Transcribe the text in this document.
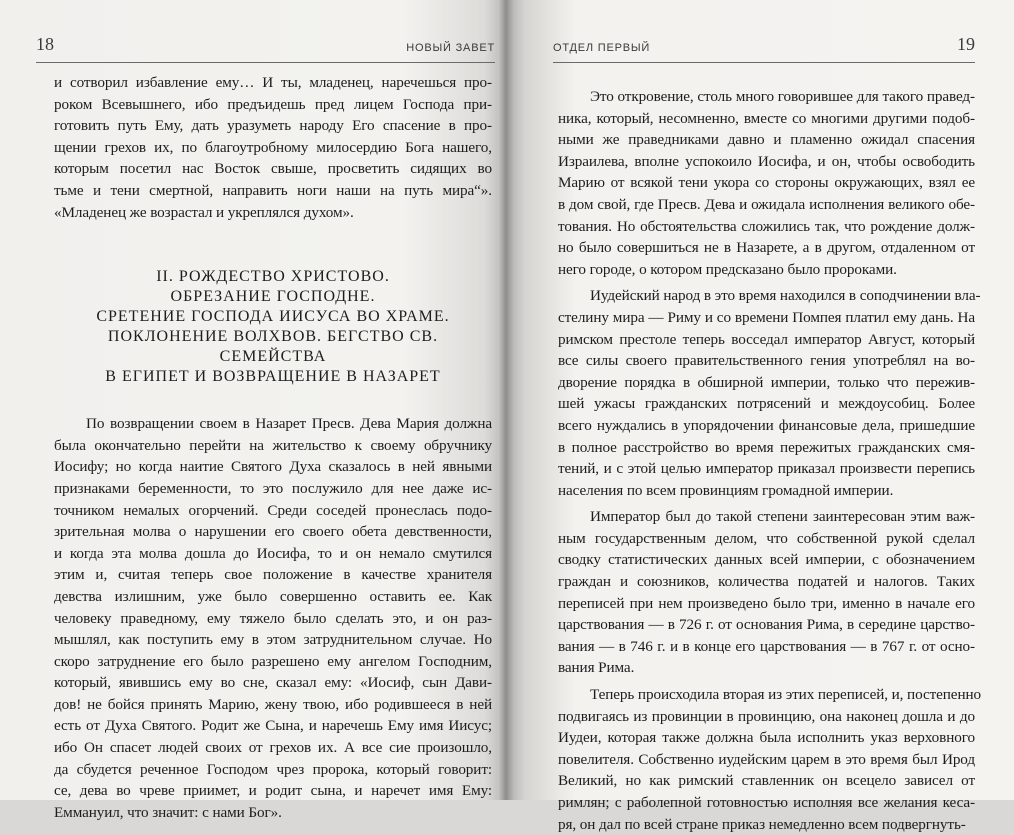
18	НОВЫЙ ЗАВЕТ

и сотворил избавление ему… И ты, младенец, наречешься про-
роком Всевышнего, ибо предъидешь пред лицем Господа при-
готовить путь Ему, дать уразуметь народу Его спасение в про-
щении грехов их, по благоутробному милосердию Бога нашего,
которым посетил нас Восток свыше, просветить сидящих во
тьме и тени смертной, направить ноги наши на путь мира“».
«Младенец же возрастал и укреплялся духом».

II. РОЖДЕСТВО ХРИСТОВО.
ОБРЕЗАНИЕ ГОСПОДНЕ.
СРЕТЕНИЕ ГОСПОДА ИИСУСА ВО ХРАМЕ.
ПОКЛОНЕНИЕ ВОЛХВОВ. БЕГСТВО СВ. СЕМЕЙСТВА
В ЕГИПЕТ И ВОЗВРАЩЕНИЕ В НАЗАРЕТ

По возвращении своем в Назарет Пресв. Дева Мария должна
была окончательно перейти на жительство к своему обручнику
Иосифу; но когда наитие Святого Духа сказалось в ней явными
признаками беременности, то это послужило для нее даже ис-
точником немалых огорчений. Среди соседей пронеслась подо-
зрительная молва о нарушении его своего обета девственности,
и когда эта молва дошла до Иосифа, то и он немало смутился
этим и, считая теперь свое положение в качестве хранителя
девства излишним, уже было совершенно оставить ее. Как
человеку праведному, ему тяжело было сделать это, и он раз-
мышлял, как поступить ему в этом затруднительном случае. Но
скоро затруднение его было разрешено ему ангелом Господним,
который, явившись ему во сне, сказал ему: «Иосиф, сын Дави-
дов! не бойся принять Марию, жену твою, ибо родившееся в ней
есть от Духа Святого. Родит же Сына, и наречешь Ему имя Иисус;
ибо Он спасет людей своих от грехов их. А все сие произошло,
да сбудется реченное Господом чрез пророка, который говорит:
се, дева во чреве приимет, и родит сына, и наречет имя Ему:
Еммануил, что значит: с нами Бог».

ОТДЕЛ ПЕРВЫЙ	19

Это откровение, столь много говорившее для такого правед-
ника, который, несомненно, вместе со многими другими подоб-
ными же праведниками давно и пламенно ожидал спасения
Израилева, вполне успокоило Иосифа, и он, чтобы освободить
Марию от всякой тени укора со стороны окружающих, взял ее
в дом свой, где Пресв. Дева и ожидала исполнения великого обе-
тования. Но обстоятельства сложились так, что рождение долж-
но было совершиться не в Назарете, а в другом, отдаленном от
него городе, о котором предсказано было пророками.

Иудейский народ в это время находился в соподчинении вла-
стелину мира — Риму и со времени Помпея платил ему дань. На
римском престоле теперь восседал император Август, который
все силы своего правительственного гения употреблял на во-
дворение порядка в обширной империи, только что пережив-
шей ужасы гражданских потрясений и междоусобиц. Более
всего нуждались в упорядочении финансовые дела, пришедшие
в полное расстройство во время пережитых гражданских смя-
тений, и с этой целью император приказал произвести перепись
населения по всем провинциям громадной империи.

Император был до такой степени заинтересован этим важ-
ным государственным делом, что собственной рукой сделал
сводку статистических данных всей империи, с обозначением
граждан и союзников, количества податей и налогов. Таких
переписей при нем произведено было три, именно в начале его
царствования — в 726 г. от основания Рима, в середине царство-
вания — в 746 г. и в конце его царствования — в 767 г. от осно-
вания Рима.

Теперь происходила вторая из этих переписей, и, постепенно
подвигаясь из провинции в провинцию, она наконец дошла и до
Иудеи, которая также должна была исполнить указ верховного
повелителя. Собственно иудейским царем в это время был Ирод
Великий, но как римский ставленник он всецело зависел от
римлян; с раболепной готовностью исполняя все желания кеса-
ря, он дал по всей стране приказ немедленно всем подвергнуть-
